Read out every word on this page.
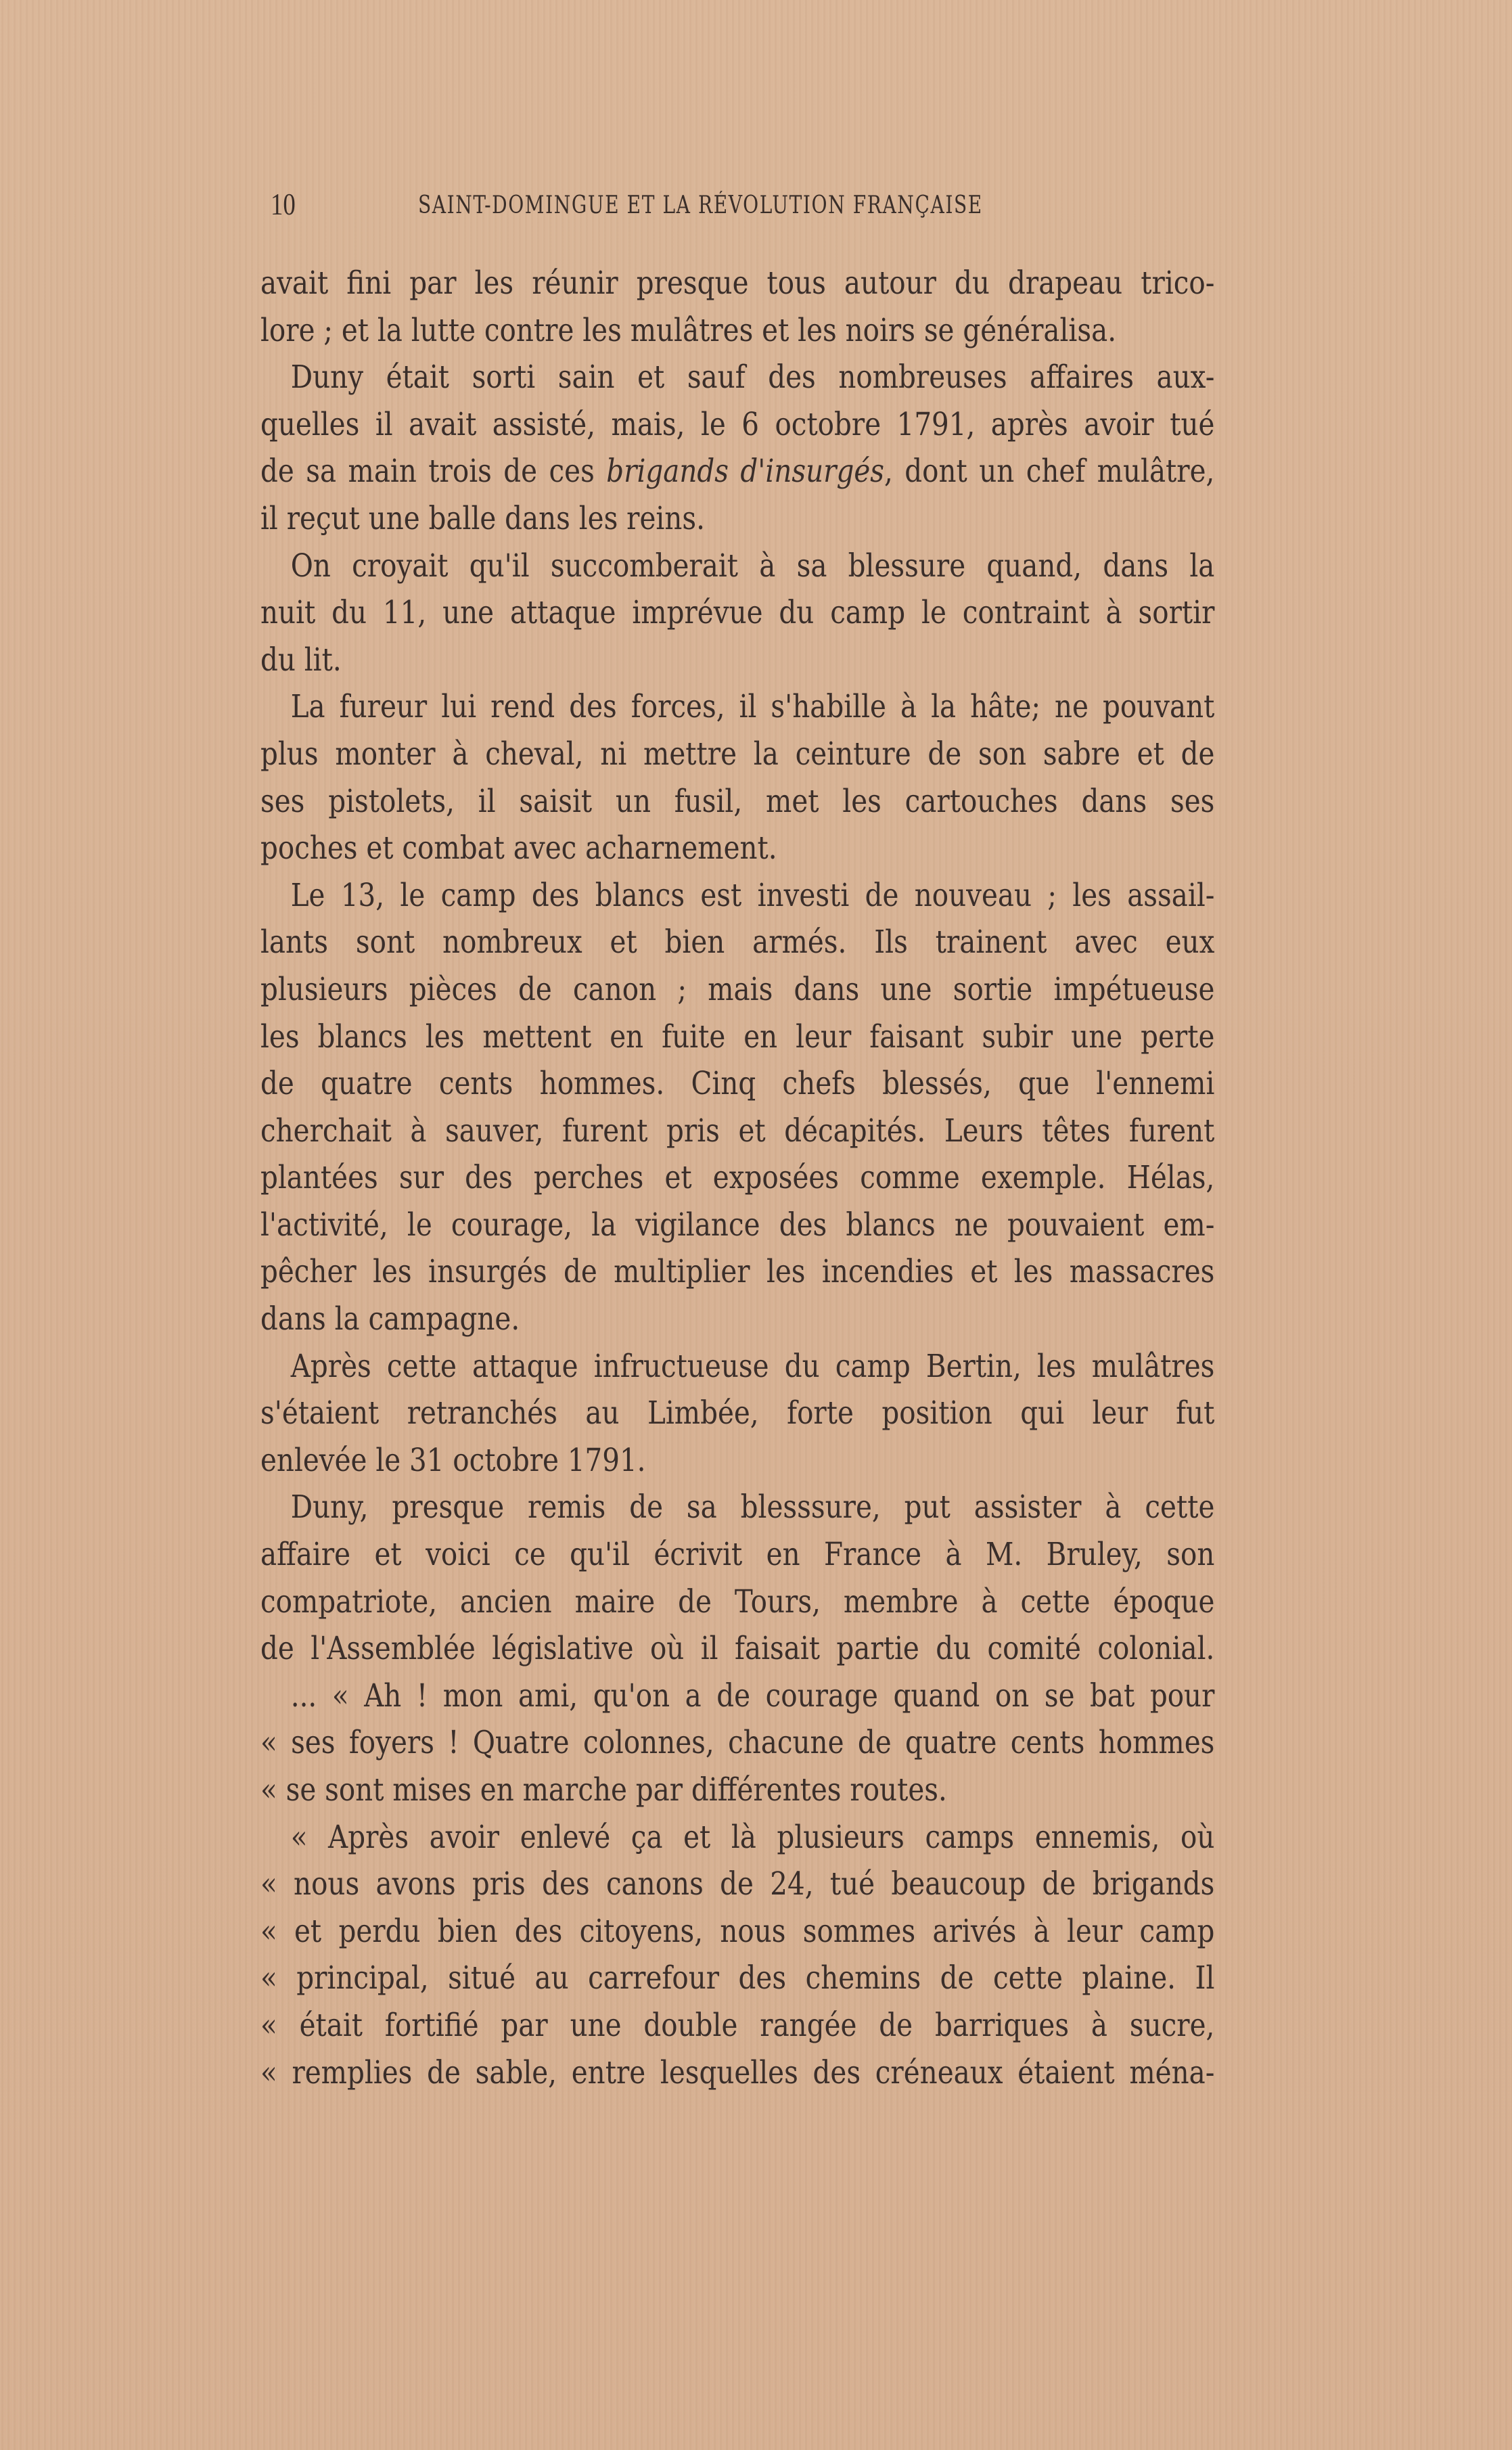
10	SAINT-DOMINGUE ET LA RÉVOLUTION FRANÇAISE
avait fini par les réunir presque tous autour du drapeau trico-
lore ; et la lutte contre les mulâtres et les noirs se généralisa.
Duny était sorti sain et sauf des nombreuses affaires aux-
quelles il avait assisté, mais, le 6 octobre 1791, après avoir tué
de sa main trois de ces brigands d'insurgés, dont un chef mulâtre,
il reçut une balle dans les reins.
On croyait qu'il succomberait à sa blessure quand, dans la
nuit du 11, une attaque imprévue du camp le contraint à sortir
du lit.
La fureur lui rend des forces, il s'habille à la hâte; ne pouvant
plus monter à cheval, ni mettre la ceinture de son sabre et de
ses pistolets, il saisit un fusil, met les cartouches dans ses
poches et combat avec acharnement.
Le 13, le camp des blancs est investi de nouveau ; les assail-
lants sont nombreux et bien armés. Ils trainent avec eux
plusieurs pièces de canon ; mais dans une sortie impétueuse
les blancs les mettent en fuite en leur faisant subir une perte
de quatre cents hommes. Cinq chefs blessés, que l'ennemi
cherchait à sauver, furent pris et décapités. Leurs têtes furent
plantées sur des perches et exposées comme exemple. Hélas,
l'activité, le courage, la vigilance des blancs ne pouvaient em-
pêcher les insurgés de multiplier les incendies et les massacres
dans la campagne.
Après cette attaque infructueuse du camp Bertin, les mulâtres
s'étaient retranchés au Limbée, forte position qui leur fut
enlevée le 31 octobre 1791.
Duny, presque remis de sa blesssure, put assister à cette
affaire et voici ce qu'il écrivit en France à M. Bruley, son
compatriote, ancien maire de Tours, membre à cette époque
de l'Assemblée législative où il faisait partie du comité colonial.
... « Ah ! mon ami, qu'on a de courage quand on se bat pour
« ses foyers ! Quatre colonnes, chacune de quatre cents hommes
« se sont mises en marche par différentes routes.
« Après avoir enlevé ça et là plusieurs camps ennemis, où
« nous avons pris des canons de 24, tué beaucoup de brigands
« et perdu bien des citoyens, nous sommes arivés à leur camp
« principal, situé au carrefour des chemins de cette plaine. Il
« était fortifié par une double rangée de barriques à sucre,
« remplies de sable, entre lesquelles des créneaux étaient ména-
